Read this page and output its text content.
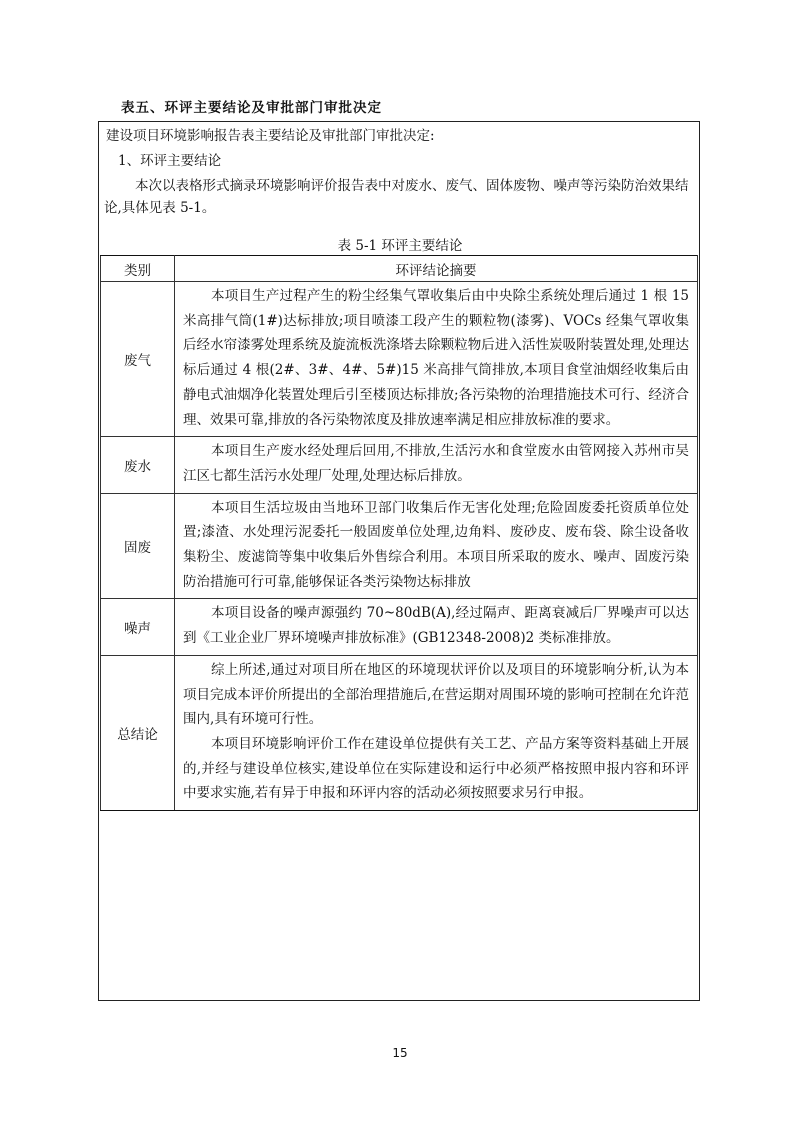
表五、环评主要结论及审批部门审批决定
建设项目环境影响报告表主要结论及审批部门审批决定:
1、环评主要结论
本次以表格形式摘录环境影响评价报告表中对废水、废气、固体废物、噪声等污染防治效果结论,具体见表 5-1。
表 5-1 环评主要结论
类别	环评结论摘要
废气	本项目生产过程产生的粉尘经集气罩收集后由中央除尘系统处理后通过 1 根 15 米高排气筒(1#)达标排放;项目喷漆工段产生的颗粒物(漆雾)、VOCs 经集气罩收集后经水帘漆雾处理系统及旋流板洗涤塔去除颗粒物后进入活性炭吸附装置处理,处理达标后通过 4 根(2#、3#、4#、5#)15 米高排气筒排放,本项目食堂油烟经收集后由静电式油烟净化装置处理后引至楼顶达标排放;各污染物的治理措施技术可行、经济合理、效果可靠,排放的各污染物浓度及排放速率满足相应排放标准的要求。

废水	本项目生产废水经处理后回用,不排放,生活污水和食堂废水由管网接入苏州市吴江区七都生活污水处理厂处理,处理达标后排放。

固废	本项目生活垃圾由当地环卫部门收集后作无害化处理;危险固废委托资质单位处置;漆渣、水处理污泥委托一般固废单位处理,边角料、废砂皮、废布袋、除尘设备收集粉尘、废滤筒等集中收集后外售综合利用。本项目所采取的废水、噪声、固废污染防治措施可行可靠,能够保证各类污染物达标排放

噪声	本项目设备的噪声源强约 70~80dB(A),经过隔声、距离衰减后厂界噪声可以达到《工业企业厂界环境噪声排放标准》(GB12348-2008)2 类标准排放。

总结论	综上所述,通过对项目所在地区的环境现状评价以及项目的环境影响分析,认为本项目完成本评价所提出的全部治理措施后,在营运期对周围环境的影响可控制在允许范围内,具有环境可行性。

本项目环境影响评价工作在建设单位提供有关工艺、产品方案等资料基础上开展的,并经与建设单位核实,建设单位在实际建设和运行中必须严格按照申报内容和环评中要求实施,若有异于申报和环评内容的活动必须按照要求另行申报。

15
